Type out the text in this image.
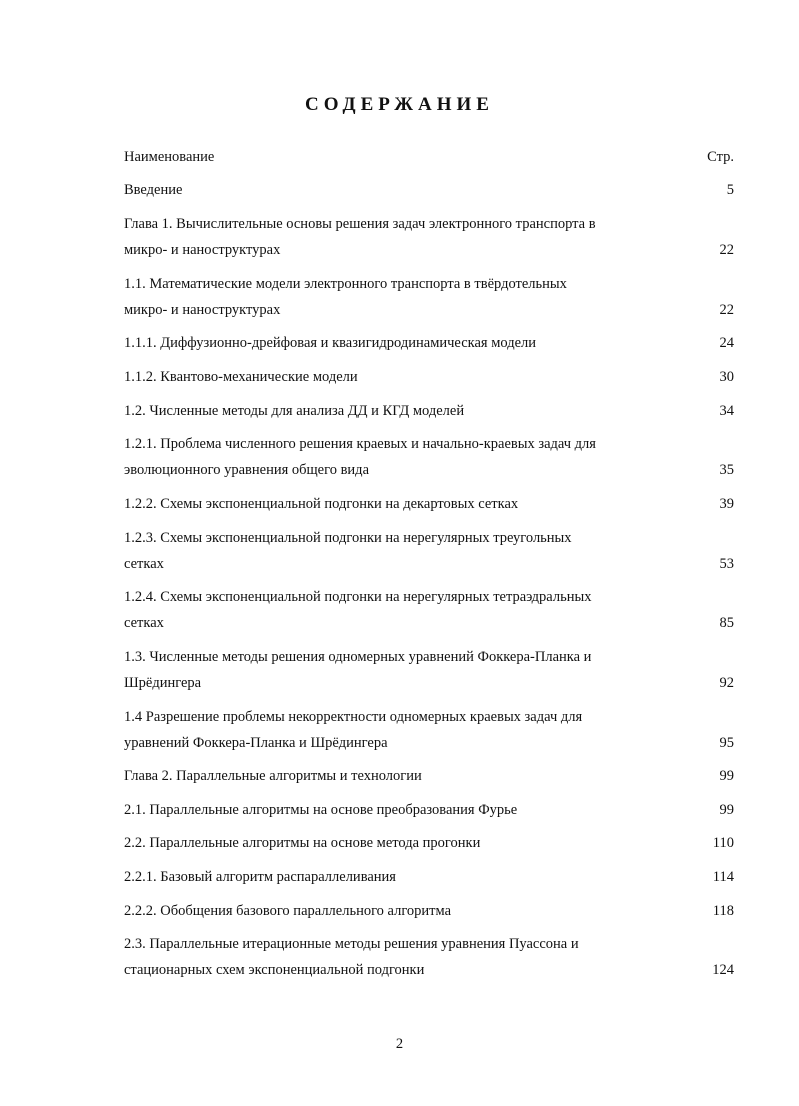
СОДЕРЖАНИЕ
Наименование	Стр.
Введение	5
Глава 1. Вычислительные основы решения задач электронного транспорта в
микро- и наноструктурах	22
1.1. Математические модели электронного транспорта в твёрдотельных
микро- и наноструктурах	22
1.1.1. Диффузионно-дрейфовая и квазигидродинамическая модели	24
1.1.2. Квантово-механические модели	30
1.2. Численные методы для анализа ДД и КГД моделей	34
1.2.1. Проблема численного решения краевых и начально-краевых задач для
эволюционного уравнения общего вида	35
1.2.2. Схемы экспоненциальной подгонки на декартовых сетках	39
1.2.3. Схемы экспоненциальной подгонки на нерегулярных треугольных
сетках	53
1.2.4. Схемы экспоненциальной подгонки на нерегулярных тетраэдральных
сетках	85
1.3. Численные методы решения одномерных уравнений Фоккера-Планка и
Шрёдингера	92
1.4 Разрешение проблемы некорректности одномерных краевых задач для
уравнений Фоккера-Планка и Шрёдингера	95
Глава 2. Параллельные алгоритмы и технологии	99
2.1. Параллельные алгоритмы на основе преобразования Фурье	99
2.2. Параллельные алгоритмы на основе метода прогонки	110
2.2.1. Базовый алгоритм распараллеливания	114
2.2.2. Обобщения базового параллельного алгоритма	118
2.3. Параллельные итерационные методы решения уравнения Пуассона и
стационарных схем экспоненциальной подгонки	124
2
